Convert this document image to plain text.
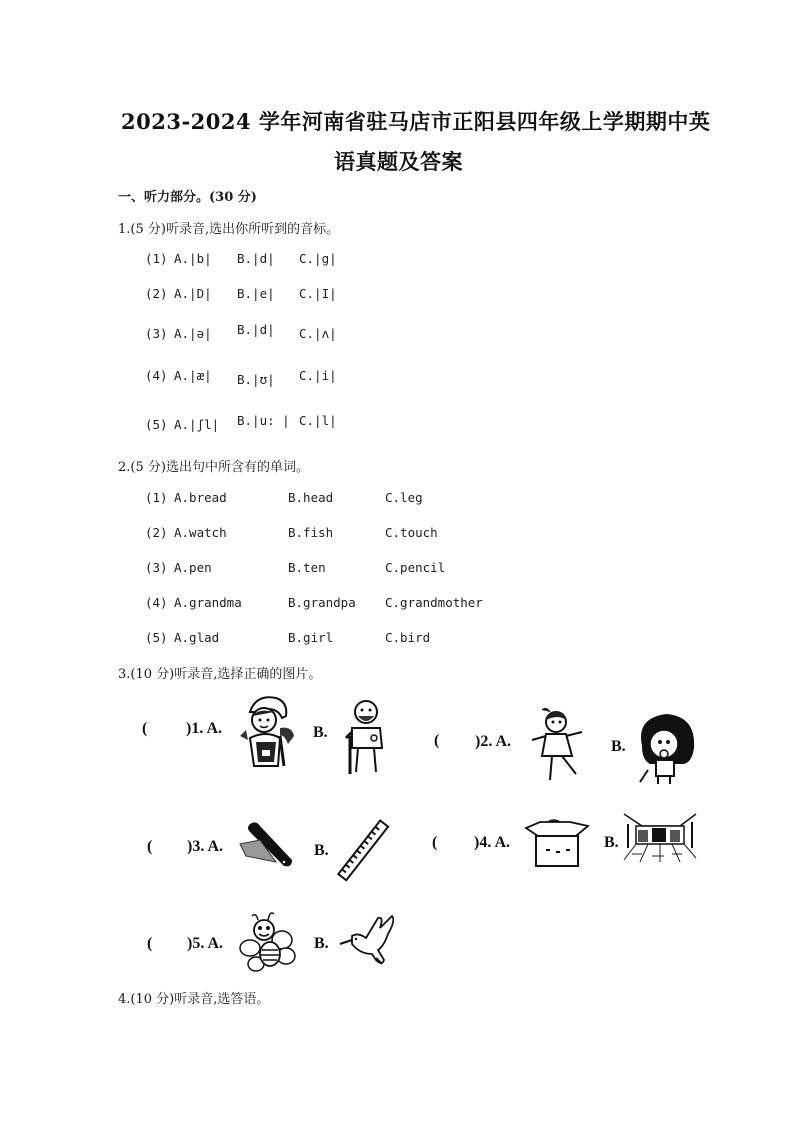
2023-2024 学年河南省驻马店市正阳县四年级上学期期中英
语真题及答案
一、听力部分。(30 分)
1.(5 分)听录音,选出你所听到的音标。
(1) A.|b| B.|d| C.|g|
(2) A.|D| B.|e| C.|I|
(3) A.|ə| B.|d| C.|ʌ|
(4) A.|æ| B.|ʊ| C.|i|
(5) A.|ʃl| B.|u: | C.|l|
2.(5 分)选出句中所含有的单词。
(1) A.bread	B.head	C.leg
(2) A.watch	B.fish	C.touch
(3) A.pen	B.ten	C.pencil
(4) A.grandma	B.grandpa C.grandmother
(5) A.glad	B.girl	C.bird
3.(10 分)听录音,选择正确的图片。
( )1. A.	B.	( )2. A.	B.
( )3. A.	B.	( )4. A.	B.
( )5. A.	B.
4.(10 分)听录音,选答语。
